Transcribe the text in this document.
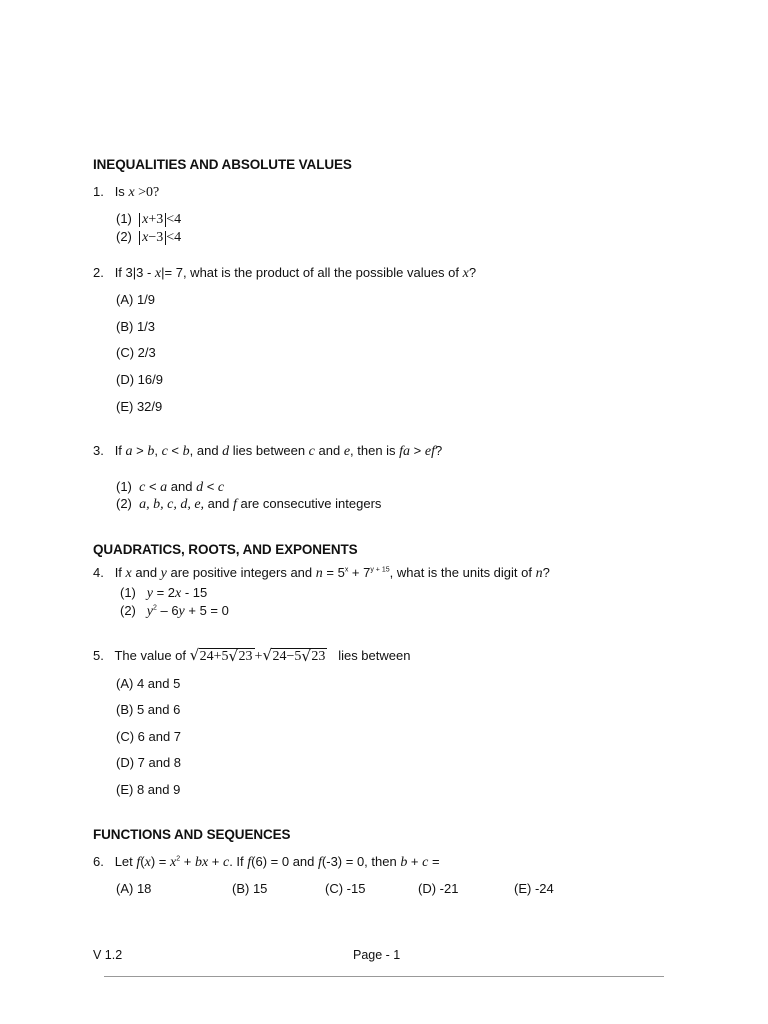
INEQUALITIES AND ABSOLUTE VALUES
1. Is x >0?
(1) x+3 <4
(2) x−3 <4
2. If 3|3 - x|= 7, what is the product of all the possible values of x?
(A) 1/9
(B) 1/3
(C) 2/3
(D) 16/9
(E) 32/9
3. If a > b, c < b, and d lies between c and e, then is fa > ef?
(1) c < a and d < c
(2) a, b, c, d, e, and f are consecutive integers
QUADRATICS, ROOTS, AND EXPONENTS
4. If x and y are positive integers and $n = 5^x + 7^{y + 15}$, what is the units digit of n?
(1) y = 2x - 15
(2) $y^2 - 6y + 5 = 0$
5. The value of √ 24+5 √ 23 + √ 24−5 √ 23 lies between
(A) 4 and 5
(B) 5 and 6
(C) 6 and 7
(D) 7 and 8
(E) 8 and 9
FUNCTIONS AND SEQUENCES
6. Let $f(x) = x^2$ + bx + c. If f(6) = 0 and f(-3) = 0, then b + c =
(A) 18	(B) 15	(C) -15	(D) -21	(E) -24
V 1.2	Page - 1
